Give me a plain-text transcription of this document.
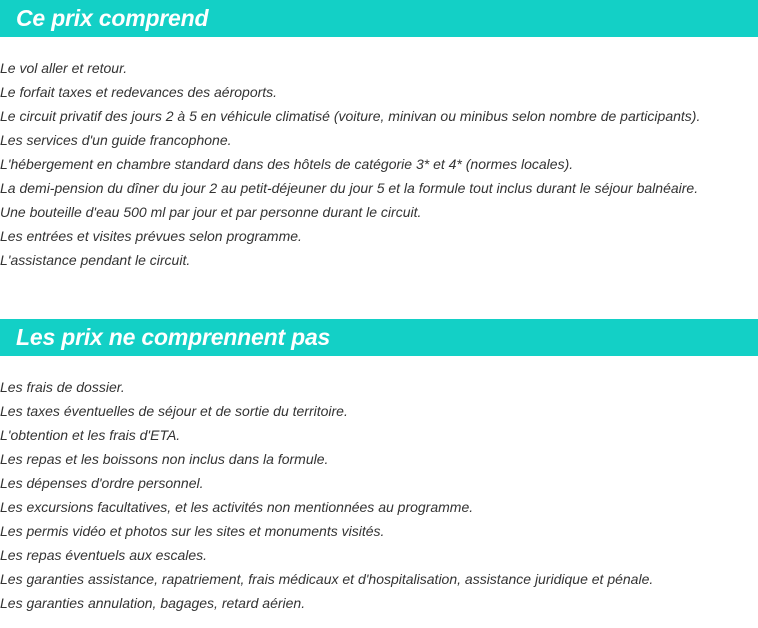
Ce prix comprend
Le vol aller et retour.
Le forfait taxes et redevances des aéroports.
Le circuit privatif des jours 2 à 5 en véhicule climatisé (voiture, minivan ou minibus selon nombre de participants).
Les services d'un guide francophone.
L'hébergement en chambre standard dans des hôtels de catégorie 3* et 4* (normes locales).
La demi-pension du dîner du jour 2 au petit-déjeuner du jour 5 et la formule tout inclus durant le séjour balnéaire.
Une bouteille d'eau 500 ml par jour et par personne durant le circuit.
Les entrées et visites prévues selon programme.
L'assistance pendant le circuit.
Les prix ne comprennent pas
Les frais de dossier.
Les taxes éventuelles de séjour et de sortie du territoire.
L'obtention et les frais d'ETA.
Les repas et les boissons non inclus dans la formule.
Les dépenses d'ordre personnel.
Les excursions facultatives, et les activités non mentionnées au programme.
Les permis vidéo et photos sur les sites et monuments visités.
Les repas éventuels aux escales.
Les garanties assistance, rapatriement, frais médicaux et d'hospitalisation, assistance juridique et pénale.
Les garanties annulation, bagages, retard aérien.
